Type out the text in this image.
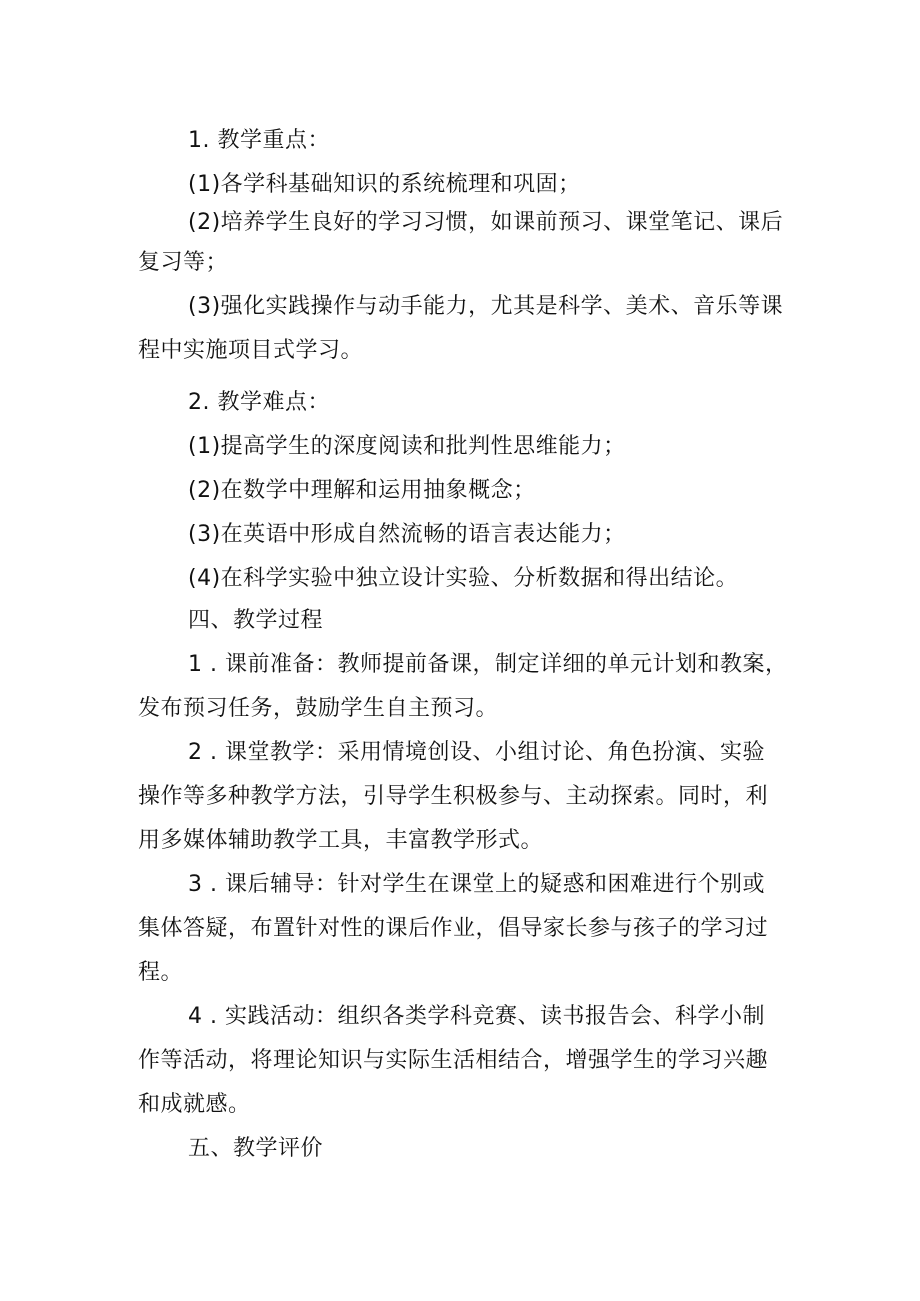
1. 教学重点：
(1)各学科基础知识的系统梳理和巩固；
(2)培养学生良好的学习习惯，如课前预习、课堂笔记、课后
复习等；
(3)强化实践操作与动手能力，尤其是科学、美术、音乐等课
程中实施项目式学习。
2. 教学难点：
(1)提高学生的深度阅读和批判性思维能力；
(2)在数学中理解和运用抽象概念；
(3)在英语中形成自然流畅的语言表达能力；
(4)在科学实验中独立设计实验、分析数据和得出结论。
四、教学过程
1 . 课前准备：教师提前备课，制定详细的单元计划和教案，
发布预习任务，鼓励学生自主预习。
2 . 课堂教学：采用情境创设、小组讨论、角色扮演、实验
操作等多种教学方法，引导学生积极参与、主动探索。同时，利
用多媒体辅助教学工具，丰富教学形式。
3 . 课后辅导：针对学生在课堂上的疑惑和困难进行个别或
集体答疑，布置针对性的课后作业，倡导家长参与孩子的学习过
程。
4 . 实践活动：组织各类学科竞赛、读书报告会、科学小制
作等活动，将理论知识与实际生活相结合，增强学生的学习兴趣
和成就感。
五、教学评价
